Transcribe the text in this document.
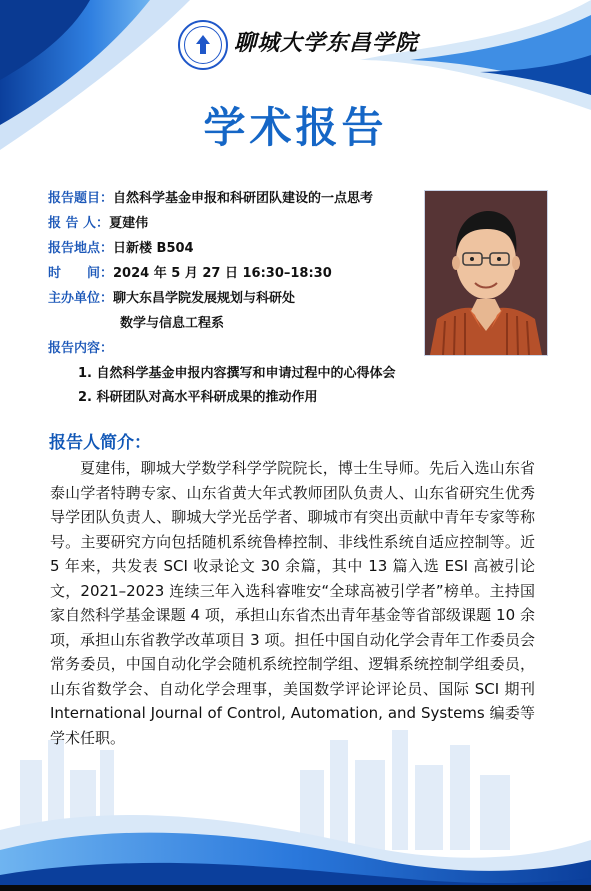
聊城大学东昌学院
学术报告
报告题目：自然科学基金申报和科研团队建设的一点思考
报 告 人：夏建伟
报告地点：日新楼 B504
时　　间：2024 年 5 月 27 日 16:30–18:30
主办单位：聊大东昌学院发展规划与科研处
数学与信息工程系
报告内容：
1. 自然科学基金申报内容撰写和申请过程中的心得体会
2. 科研团队对高水平科研成果的推动作用
报告人简介：

夏建伟，聊城大学数学科学学院院长，博士生导师。先后入选山东省泰山学者特聘专家、山东省黄大年式教师团队负责人、山东省研究生优秀导学团队负责人、聊城大学光岳学者、聊城市有突出贡献中青年专家等称号。主要研究方向包括随机系统鲁棒控制、非线性系统自适应控制等。近 5 年来，共发表 SCI 收录论文 30 余篇，其中 13 篇入选 ESI 高被引论文，2021–2023 连续三年入选科睿唯安“全球高被引学者”榜单。主持国家自然科学基金课题 4 项，承担山东省杰出青年基金等省部级课题 10 余项，承担山东省教学改革项目 3 项。担任中国自动化学会青年工作委员会常务委员，中国自动化学会随机系统控制学组、逻辑系统控制学组委员，山东省数学会、自动化学会理事，美国数学评论评论员、国际 SCI 期刊 International Journal of Control, Automation, and Systems 编委等学术任职。
